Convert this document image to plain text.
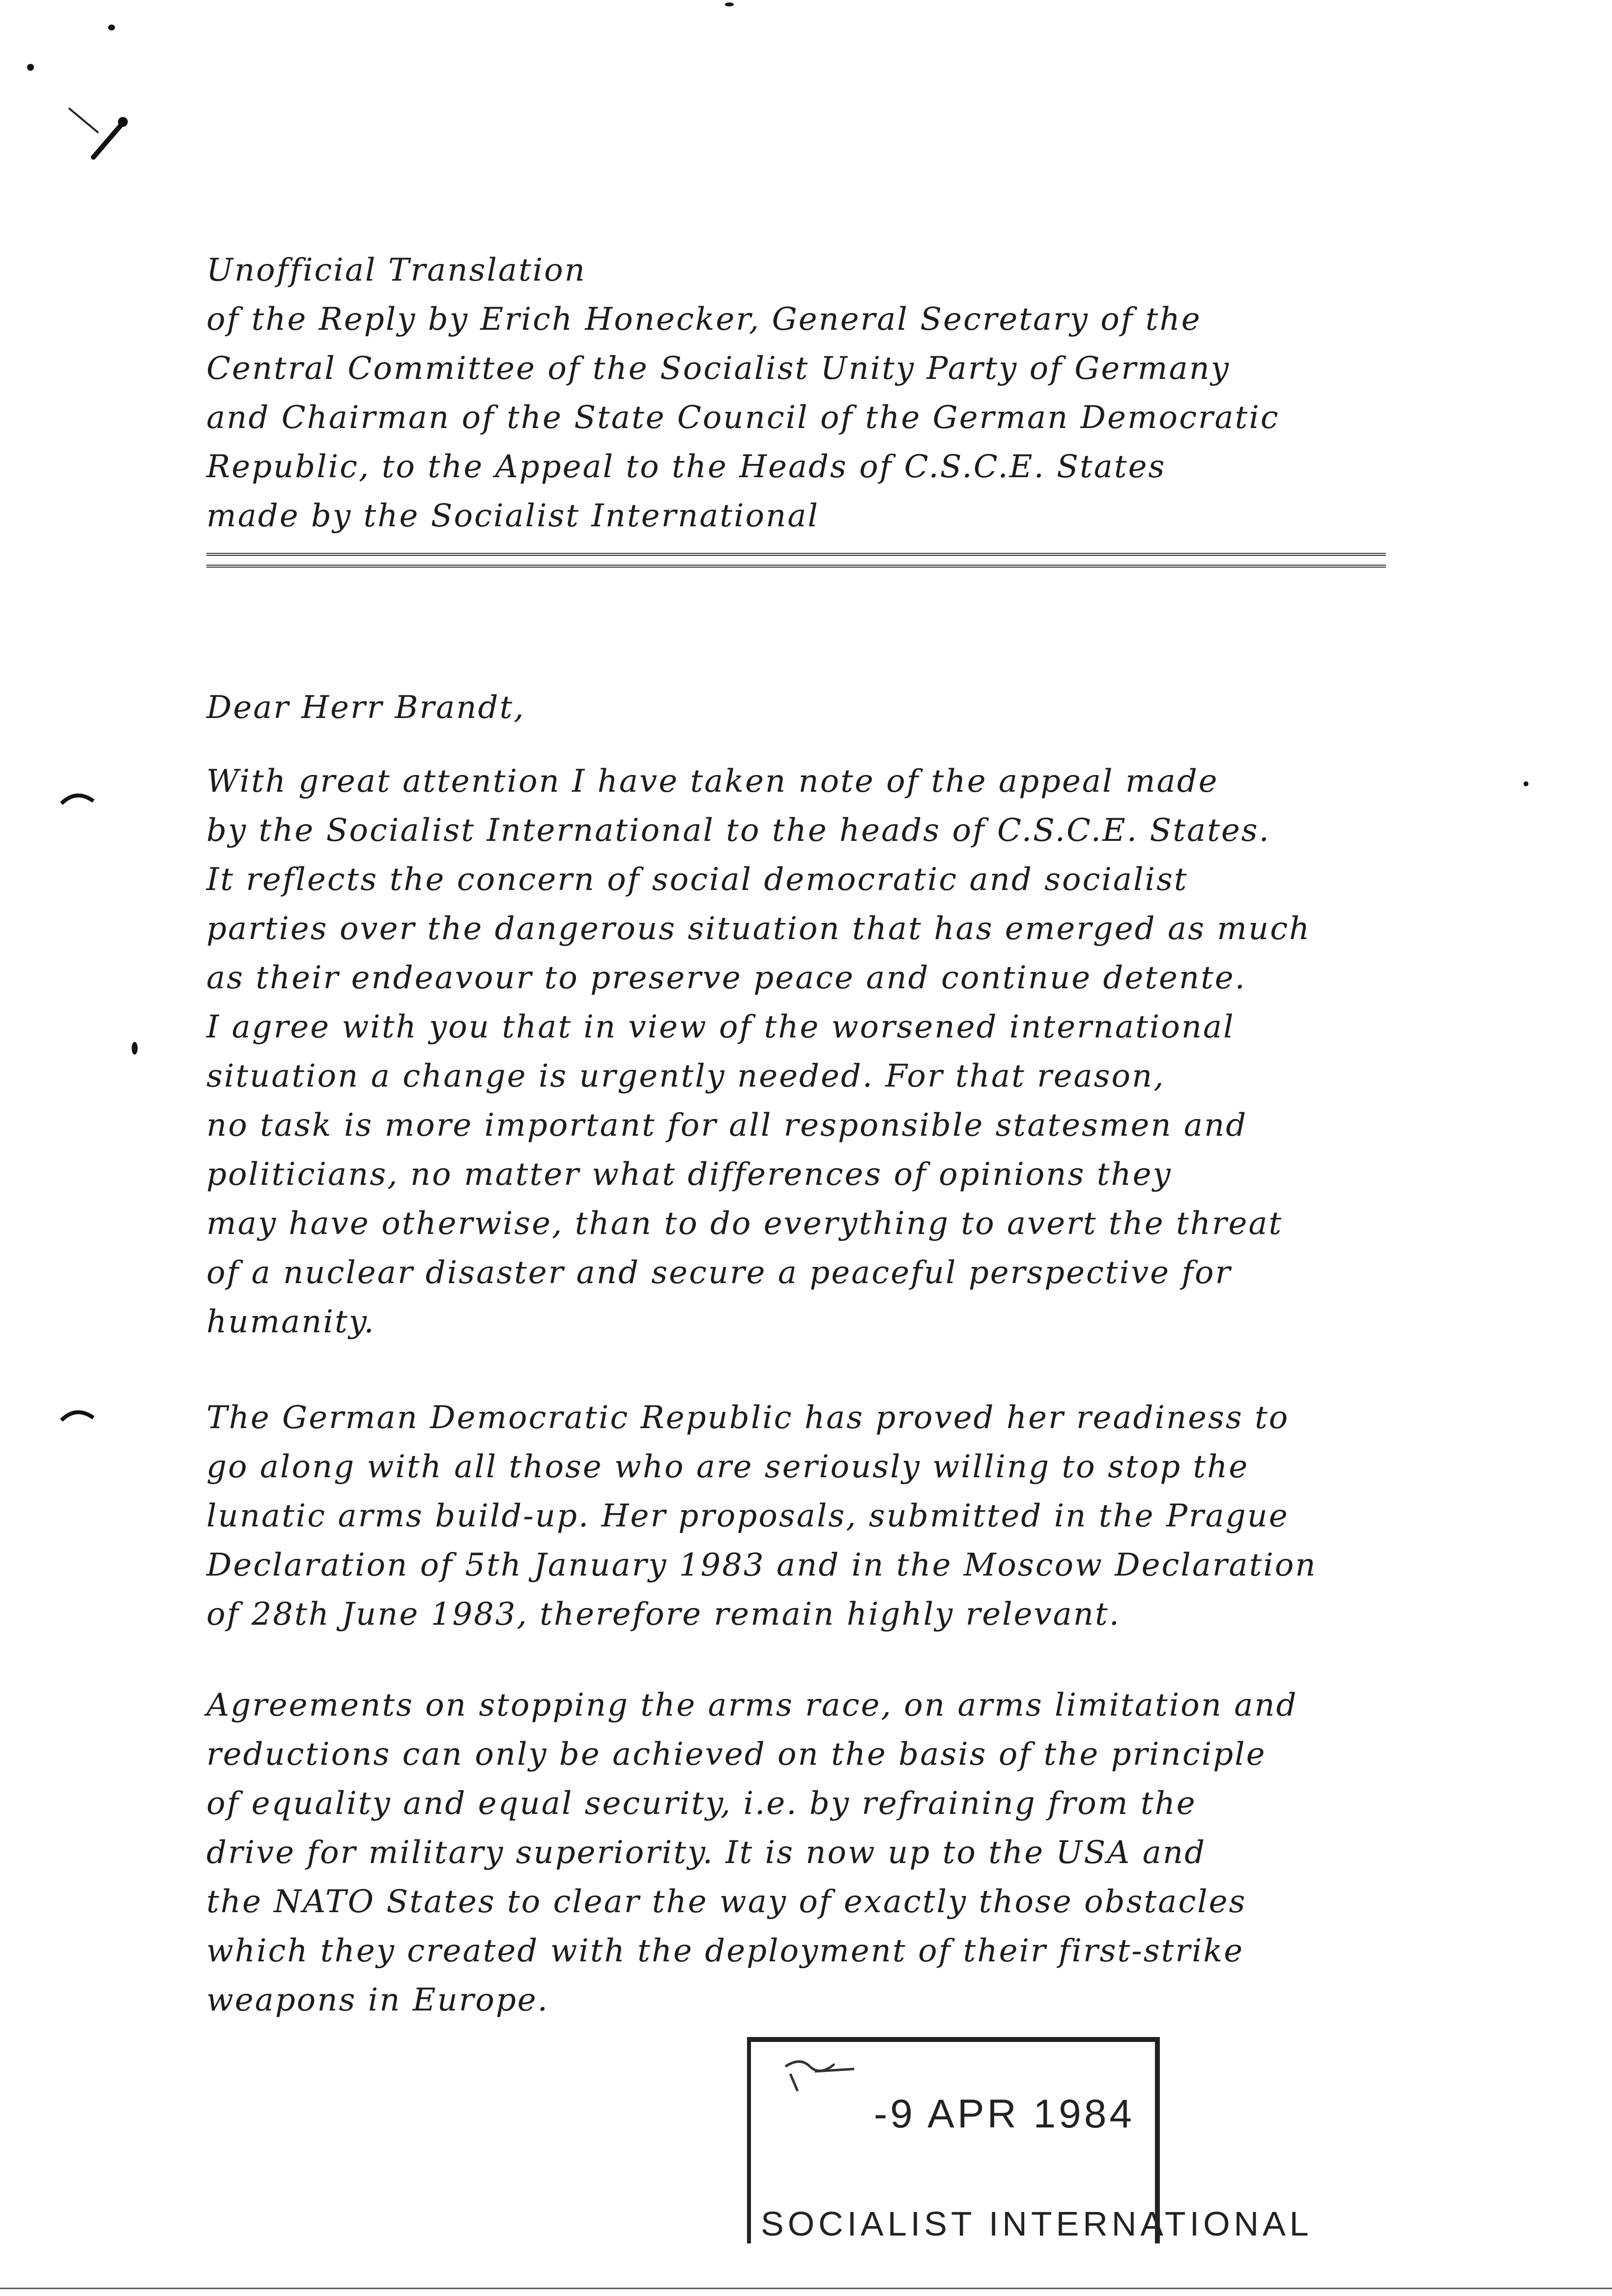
Unofficial Translation
of the Reply by Erich Honecker, General Secretary of the
Central Committee of the Socialist Unity Party of Germany
and Chairman of the State Council of the German Democratic
Republic, to the Appeal to the Heads of C.S.C.E. States
made by the Socialist International
Dear Herr Brandt,
With great attention I have taken note of the appeal made
by the Socialist International to the heads of C.S.C.E. States.
It reflects the concern of social democratic and socialist
parties over the dangerous situation that has emerged as much
as their endeavour to preserve peace and continue detente.
I agree with you that in view of the worsened international
situation a change is urgently needed. For that reason,
no task is more important for all responsible statesmen and
politicians, no matter what differences of opinions they
may have otherwise, than to do everything to avert the threat
of a nuclear disaster and secure a peaceful perspective for
humanity.
The German Democratic Republic has proved her readiness to
go along with all those who are seriously willing to stop the
lunatic arms build-up. Her proposals, submitted in the Prague
Declaration of 5th January 1983 and in the Moscow Declaration
of 28th June 1983, therefore remain highly relevant.
Agreements on stopping the arms race, on arms limitation and
reductions can only be achieved on the basis of the principle
of equality and equal security, i.e. by refraining from the
drive for military superiority. It is now up to the USA and
the NATO States to clear the way of exactly those obstacles
which they created with the deployment of their first-strike
weapons in Europe.
-9 APR 1984
SOCIALIST INTERNATIONAL
